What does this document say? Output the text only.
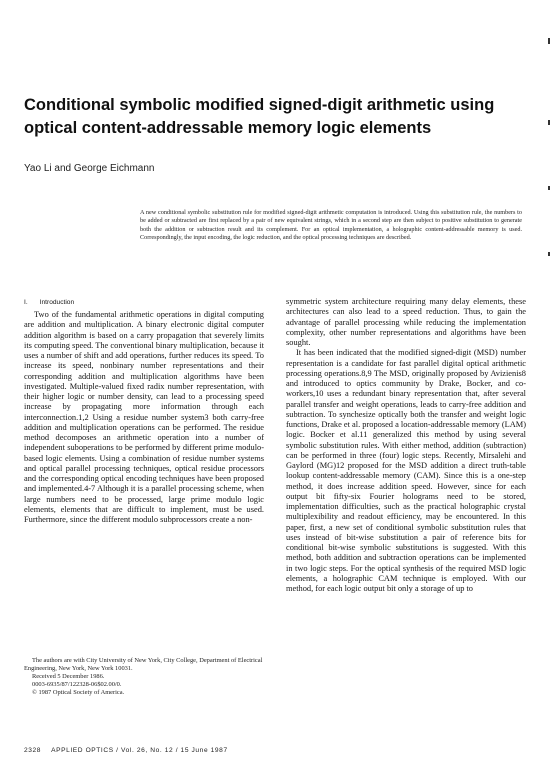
Conditional symbolic modified signed-digit arithmetic using optical content-addressable memory logic elements
Yao Li and George Eichmann
A new conditional symbolic substitution rule for modified signed-digit arithmetic computation is introduced. Using this substitution rule, the numbers to be added or subtracted are first replaced by a pair of new equivalent strings, which in a second step are then subject to positive substitution to generate both the addition or subtraction result and its complement. For an optical implementation, a holographic content-addressable memory is used. Correspondingly, the input encoding, the logic reduction, and the optical processing techniques are described.
I. Introduction

Two of the fundamental arithmetic operations in digital computing are addition and multiplication. A binary electronic digital computer addition algorithm is based on a carry propagation that severely limits its computing speed. The conventional binary multiplication, because it uses a number of shift and add operations, further reduces its speed. To increase its speed, nonbinary number representations and their corresponding addition and multiplication algorithms have been investigated. Multiple-valued fixed radix number representation, with their higher logic or number density, can lead to a processing speed increase by propagating more information through each interconnection.1,2 Using a residue number system3 both carry-free addition and multiplication operations can be performed. The residue method decomposes an arithmetic operation into a number of independent suboperations to be performed by different prime modulo-based logic elements. Using a combination of residue number systems and optical parallel processing techniques, optical residue processors and the corresponding optical encoding techniques have been proposed and implemented.4-7 Although it is a parallel processing scheme, when large numbers need to be processed, large prime modulo logic elements, elements that are difficult to implement, must be used. Furthermore, since the different modulo subprocessors create a non-

symmetric system architecture requiring many delay elements, these architectures can also lead to a speed reduction. Thus, to gain the advantage of parallel processing while reducing the implementation complexity, other number representations and algorithms have been sought.

It has been indicated that the modified signed-digit (MSD) number representation is a candidate for fast parallel digital optical arithmetic processing operations.8,9 The MSD, originally proposed by Avizienis8 and introduced to optics community by Drake, Bocker, and co-workers,10 uses a redundant binary representation that, after several parallel transfer and weight operations, leads to carry-free addition and subtraction. To synchesize optically both the transfer and weight logic functions, Drake et al. proposed a location-addressable memory (LAM) logic. Bocker et al.11 generalized this method by using several symbolic substitution rules. With either method, addition (subtraction) can be performed in three (four) logic steps. Recently, Mirsalehi and Gaylord (MG)12 proposed for the MSD addition a direct truth-table lookup content-addressable memory (CAM). Since this is a one-step method, it does increase addition speed. However, since for each output bit fifty-six Fourier holograms need to be stored, implementation difficulties, such as the practical holographic crystal multiplexibility and readout efficiency, may be encountered. In this paper, first, a new set of conditional symbolic substitution rules that uses instead of bit-wise substitution a pair of reference bits for conditional bit-wise symbolic substitutions is suggested. With this method, both addition and subtraction operations can be implemented in two logic steps. For the optical synthesis of the required MSD logic elements, a holographic CAM technique is employed. With our method, for each logic output bit only a storage of up to

The authors are with City University of New York, City College, Department of Electrical Engineering, New York, New York 10031.

Received 5 December 1986.

0003-6935/87/122328-06$02.00/0.

© 1987 Optical Society of America.

2328 APPLIED OPTICS / Vol. 26, No. 12 / 15 June 1987
